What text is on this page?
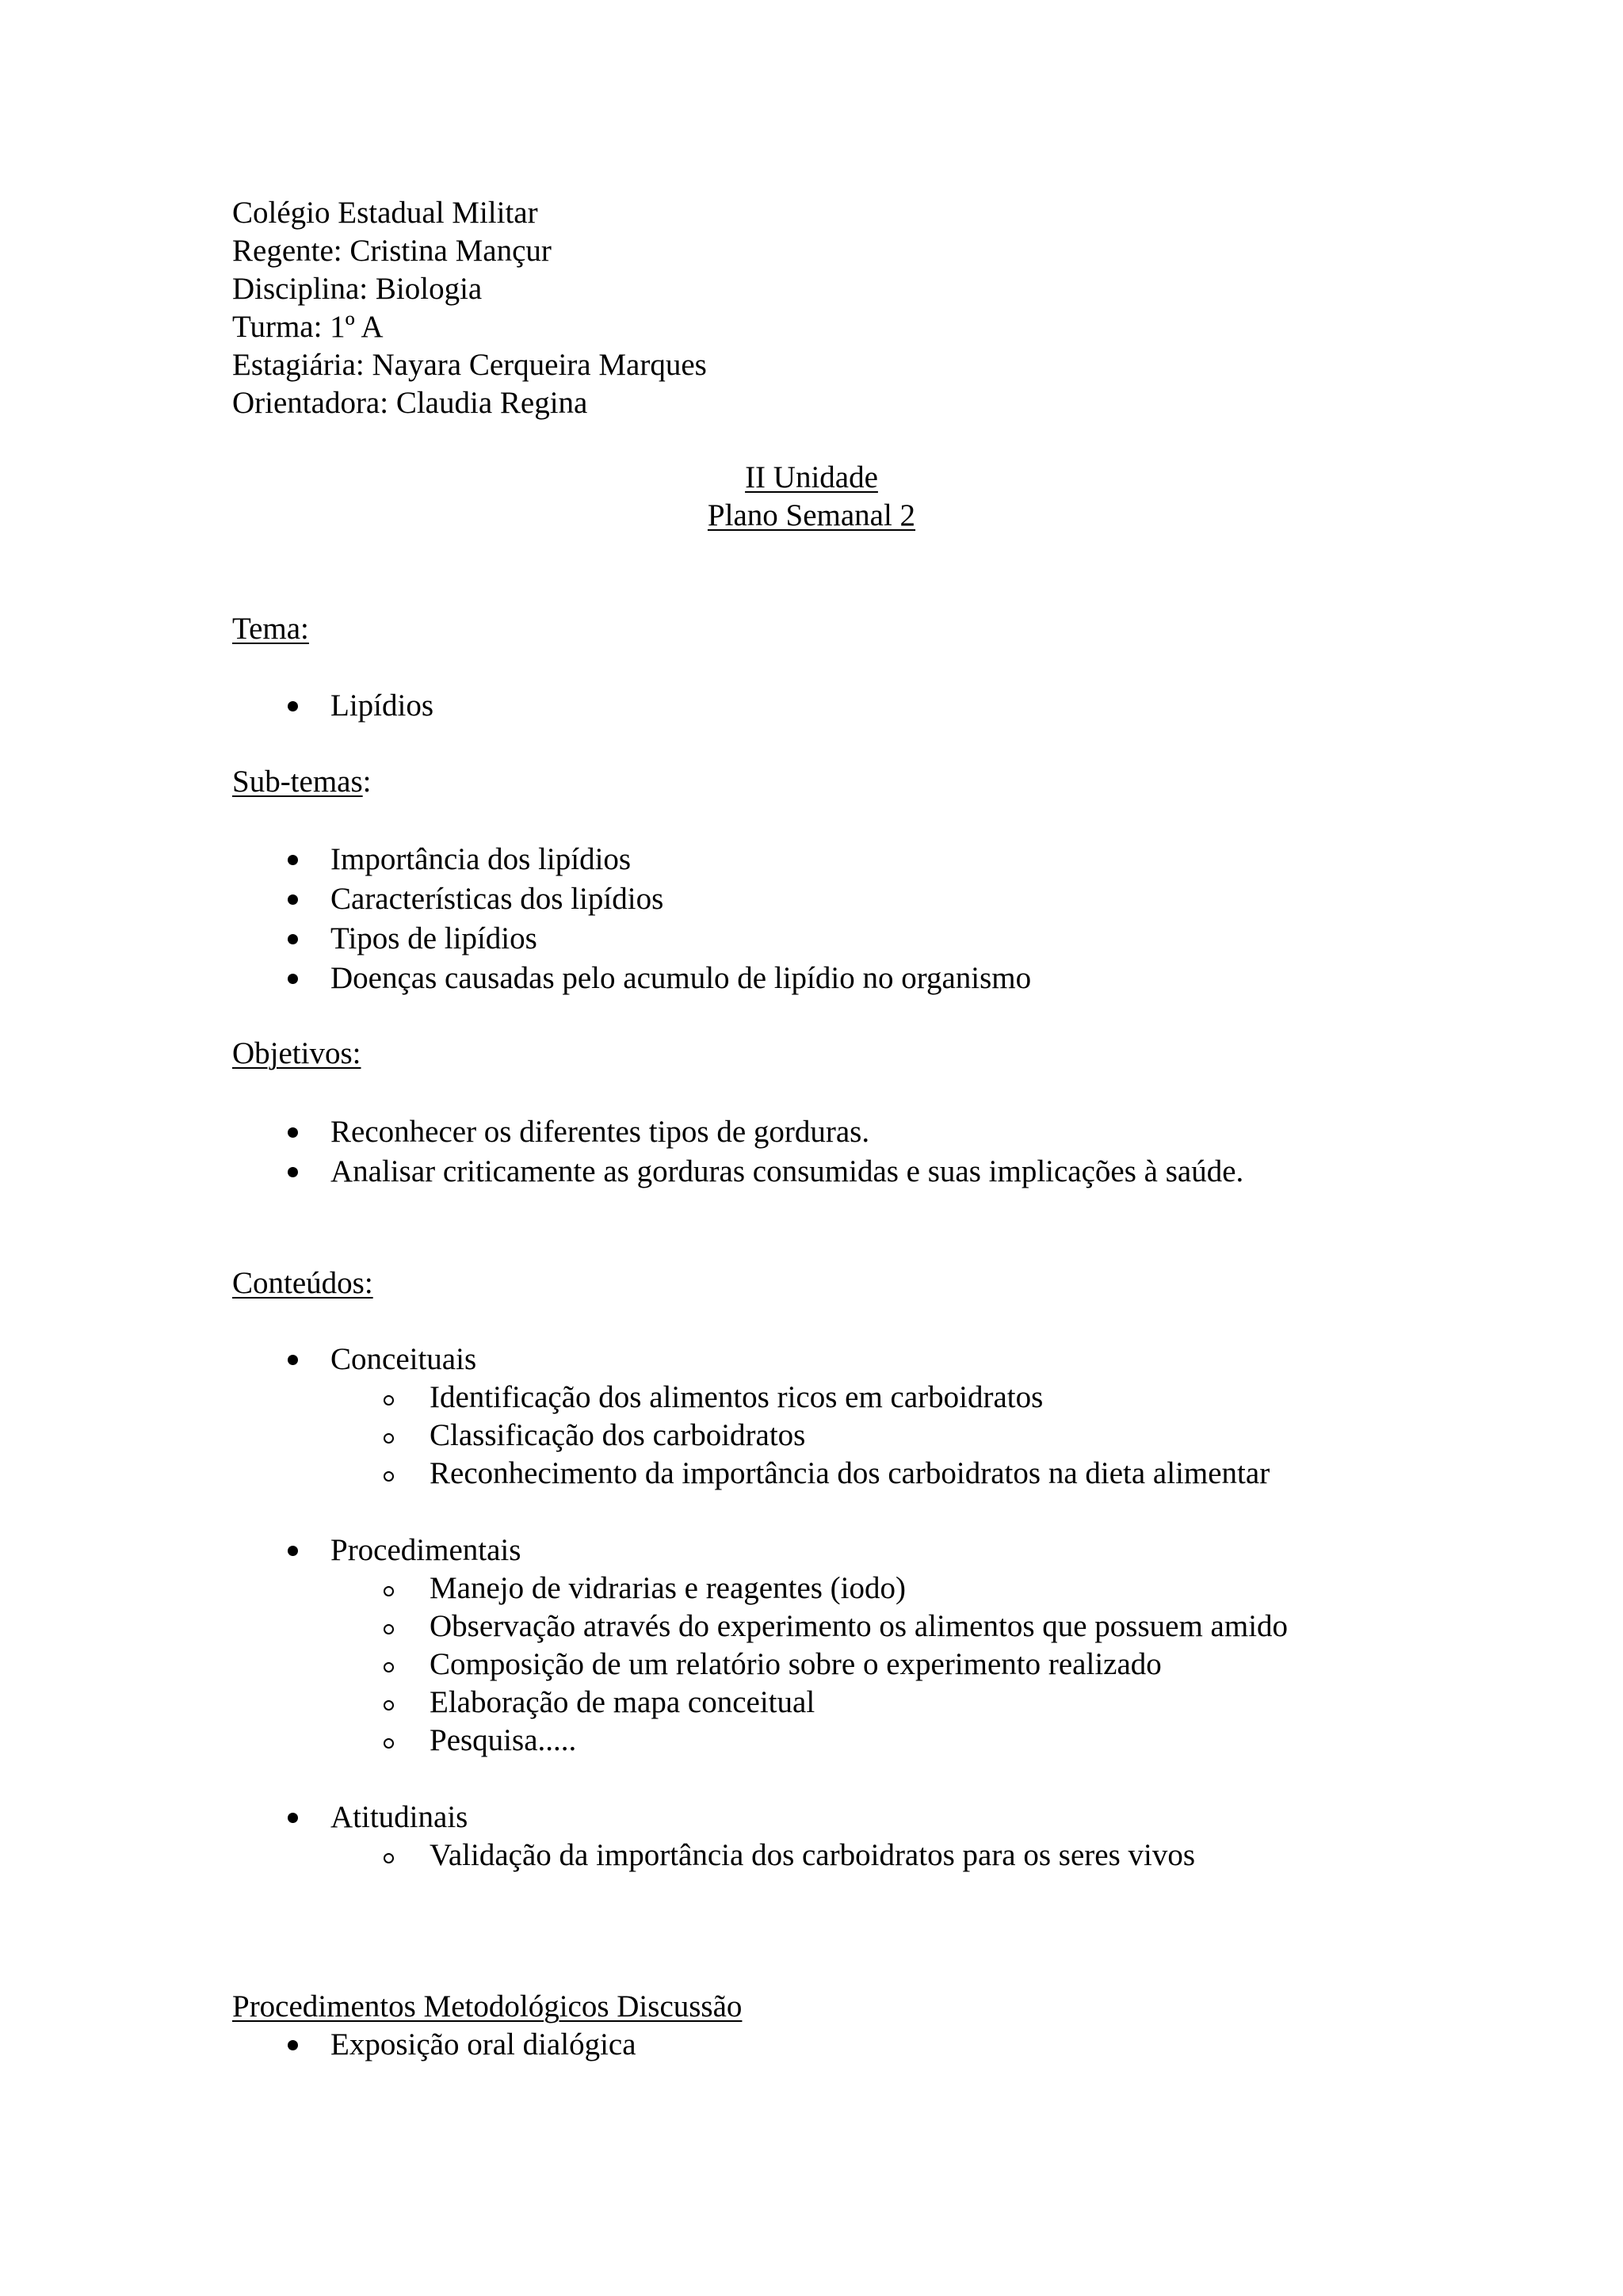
Colégio Estadual Militar
Regente: Cristina Mançur
Disciplina: Biologia
Turma: 1º A
Estagiária: Nayara Cerqueira Marques
Orientadora: Claudia Regina
II Unidade
Plano Semanal 2
Tema:
Lipídios
Sub-temas:
Importância dos lipídios
Características dos lipídios
Tipos de lipídios
Doenças causadas pelo acumulo de lipídio no organismo
Objetivos:
Reconhecer os diferentes tipos de gorduras.
Analisar criticamente as gorduras consumidas e suas implicações à saúde.
Conteúdos:
Conceituais
Identificação dos alimentos ricos em carboidratos
Classificação dos carboidratos
Reconhecimento da importância dos carboidratos na dieta alimentar
Procedimentais
Manejo de vidrarias e reagentes (iodo)
Observação através do experimento os alimentos que possuem amido
Composição de um relatório sobre o experimento realizado
Elaboração de mapa conceitual
Pesquisa.....
Atitudinais
Validação da importância dos carboidratos para os seres vivos
Procedimentos Metodológicos Discussão
Exposição oral dialógica
